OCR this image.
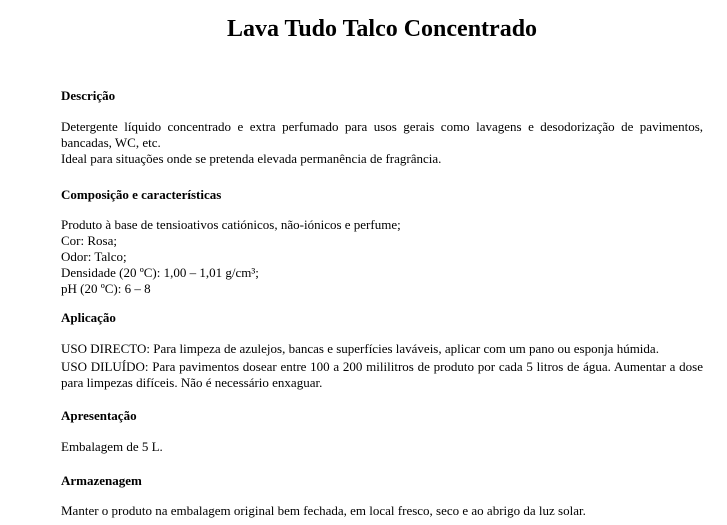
Lava Tudo Talco Concentrado
Descrição
Detergente líquido concentrado e extra perfumado para usos gerais como lavagens e desodorização de pavimentos, bancadas, WC, etc.
Ideal para situações onde se pretenda elevada permanência de fragrância.
Composição e características
Produto à base de tensioativos catiónicos, não-iónicos e perfume;
Cor: Rosa;
Odor: Talco;
Densidade (20 ºC): 1,00 – 1,01 g/cm³;
pH (20 ºC): 6 – 8
Aplicação
USO DIRECTO: Para limpeza de azulejos, bancas e superfícies laváveis, aplicar com um pano ou esponja húmida.
USO DILUÍDO: Para pavimentos dosear entre 100 a 200 mililitros de produto por cada 5 litros de água. Aumentar a dose para limpezas difíceis. Não é necessário enxaguar.
Apresentação
Embalagem de 5 L.
Armazenagem
Manter o produto na embalagem original bem fechada, em local fresco, seco e ao abrigo da luz solar.
